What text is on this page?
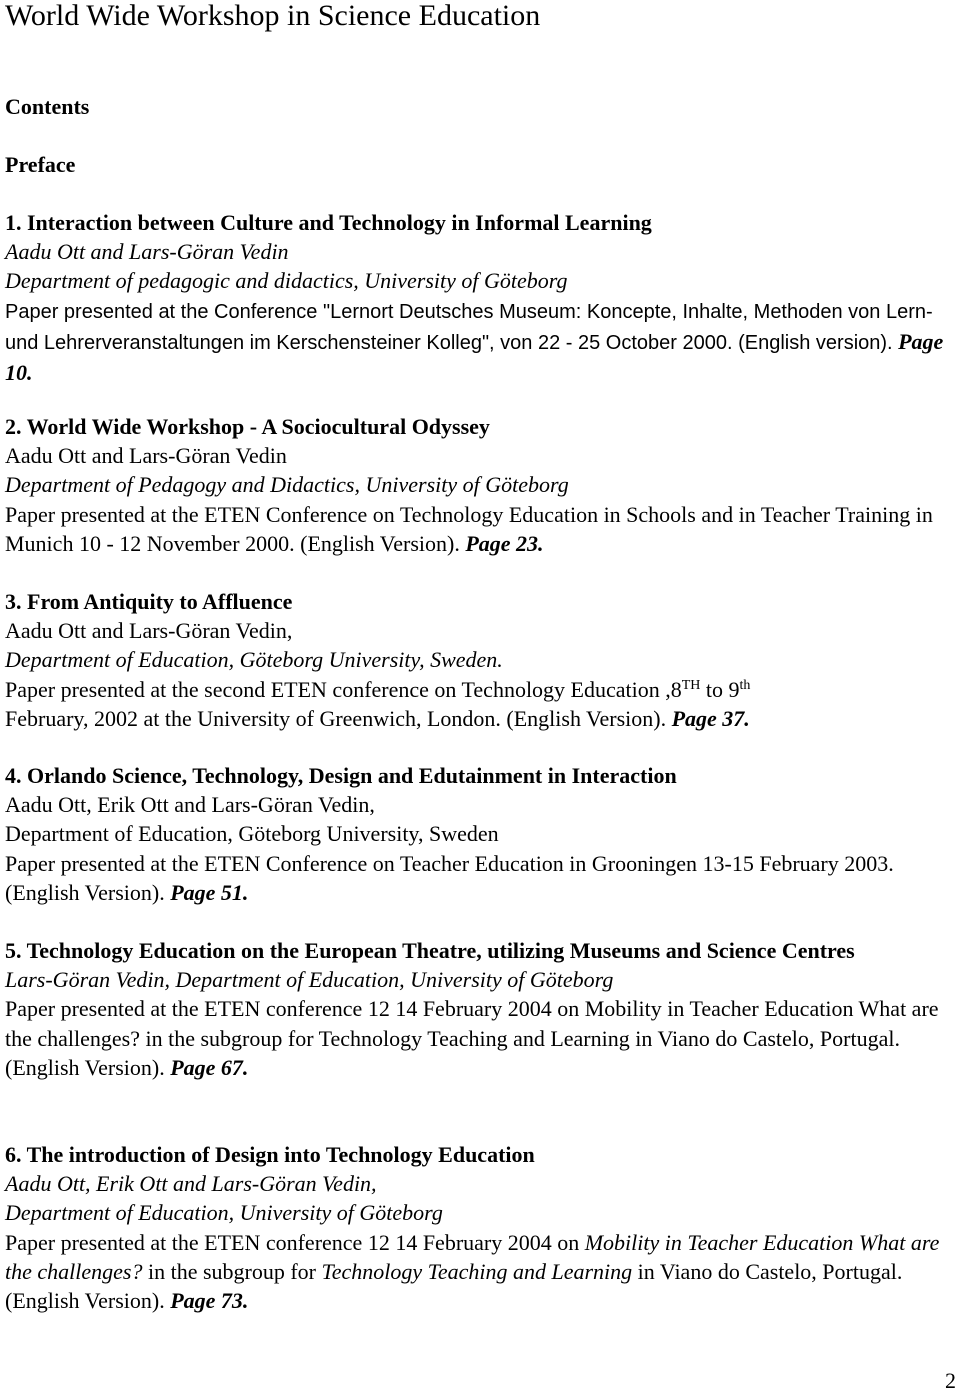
World Wide Workshop in Science Education
Contents
Preface
1. Interaction between Culture and Technology in Informal Learning
Aadu Ott and Lars-Göran Vedin
Department of pedagogic and didactics, University of Göteborg
Paper presented at the Conference "Lernort Deutsches Museum: Koncepte, Inhalte, Methoden von Lern- und Lehrerveranstaltungen im Kerschensteiner Kolleg", von 22 - 25 October 2000. (English version). Page 10.
2. World Wide Workshop - A Sociocultural Odyssey
Aadu Ott and Lars-Göran Vedin
Department of Pedagogy and Didactics, University of Göteborg
Paper presented at the ETEN Conference on Technology Education in Schools and in Teacher Training in Munich 10 - 12 November 2000. (English Version). Page 23.
3. From Antiquity to Affluence
Aadu Ott and Lars-Göran Vedin,
Department of Education, Göteborg University, Sweden.
Paper presented at the second ETEN conference on Technology Education ,8TH to 9th
February, 2002 at the University of Greenwich, London. (English Version). Page 37.
4. Orlando Science, Technology, Design and Edutainment in Interaction
Aadu Ott, Erik Ott and Lars-Göran Vedin,
Department of Education, Göteborg University, Sweden
Paper presented at the ETEN Conference on Teacher Education in Grooningen 13-15 February 2003. (English Version). Page 51.
5. Technology Education on the European Theatre, utilizing Museums and Science Centres
Lars-Göran Vedin, Department of Education, University of Göteborg
Paper presented at the ETEN conference 12 14 February 2004 on Mobility in Teacher Education What are the challenges? in the subgroup for Technology Teaching and Learning in Viano do Castelo, Portugal. (English Version). Page 67.
6. The introduction of Design into Technology Education
Aadu Ott, Erik Ott and Lars-Göran Vedin,
Department of Education, University of Göteborg
Paper presented at the ETEN conference 12 14 February 2004 on Mobility in Teacher Education What are the challenges? in the subgroup for Technology Teaching and Learning in Viano do Castelo, Portugal. (English Version). Page 73.
2
